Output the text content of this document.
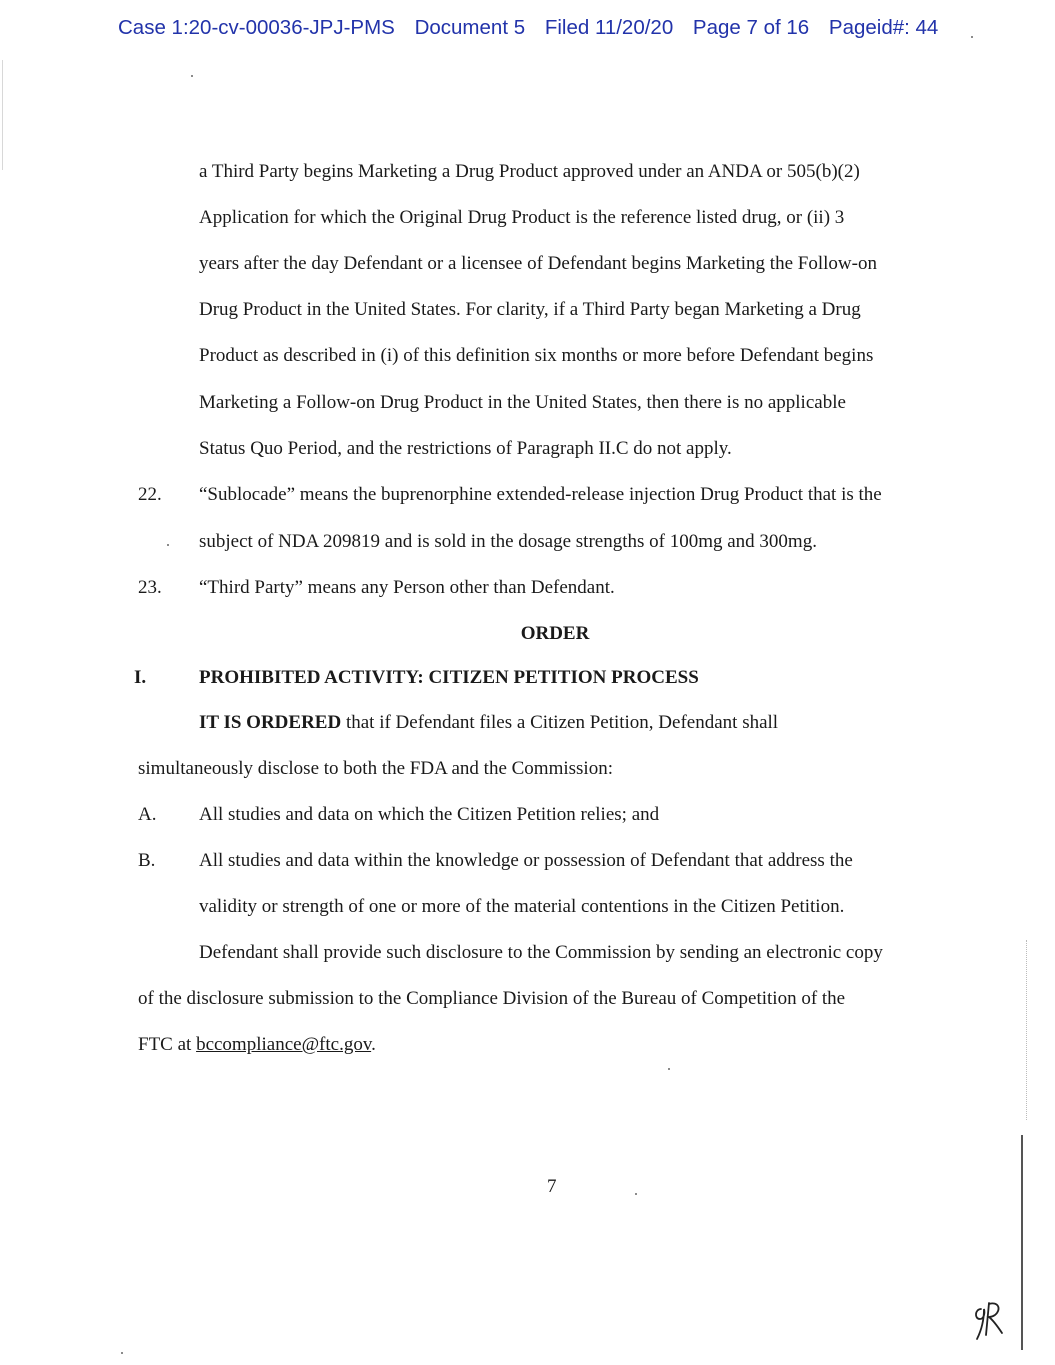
Case 1:20-cv-00036-JPJ-PMS Document 5 Filed 11/20/20 Page 7 of 16 Pageid#: 44
a Third Party begins Marketing a Drug Product approved under an ANDA or 505(b)(2)
Application for which the Original Drug Product is the reference listed drug, or (ii) 3
years after the day Defendant or a licensee of Defendant begins Marketing the Follow-on
Drug Product in the United States. For clarity, if a Third Party began Marketing a Drug
Product as described in (i) of this definition six months or more before Defendant begins
Marketing a Follow-on Drug Product in the United States, then there is no applicable
Status Quo Period, and the restrictions of Paragraph II.C do not apply.
22. “Sublocade” means the buprenorphine extended-release injection Drug Product that is the
subject of NDA 209819 and is sold in the dosage strengths of 100mg and 300mg.
23. “Third Party” means any Person other than Defendant.
ORDER
I.	PROHIBITED ACTIVITY: CITIZEN PETITION PROCESS
IT IS ORDERED that if Defendant files a Citizen Petition, Defendant shall
simultaneously disclose to both the FDA and the Commission:
A. All studies and data on which the Citizen Petition relies; and
B. All studies and data within the knowledge or possession of Defendant that address the
validity or strength of one or more of the material contentions in the Citizen Petition.
Defendant shall provide such disclosure to the Commission by sending an electronic copy
of the disclosure submission to the Compliance Division of the Bureau of Competition of the
FTC at bccompliance@ftc.gov.
7
